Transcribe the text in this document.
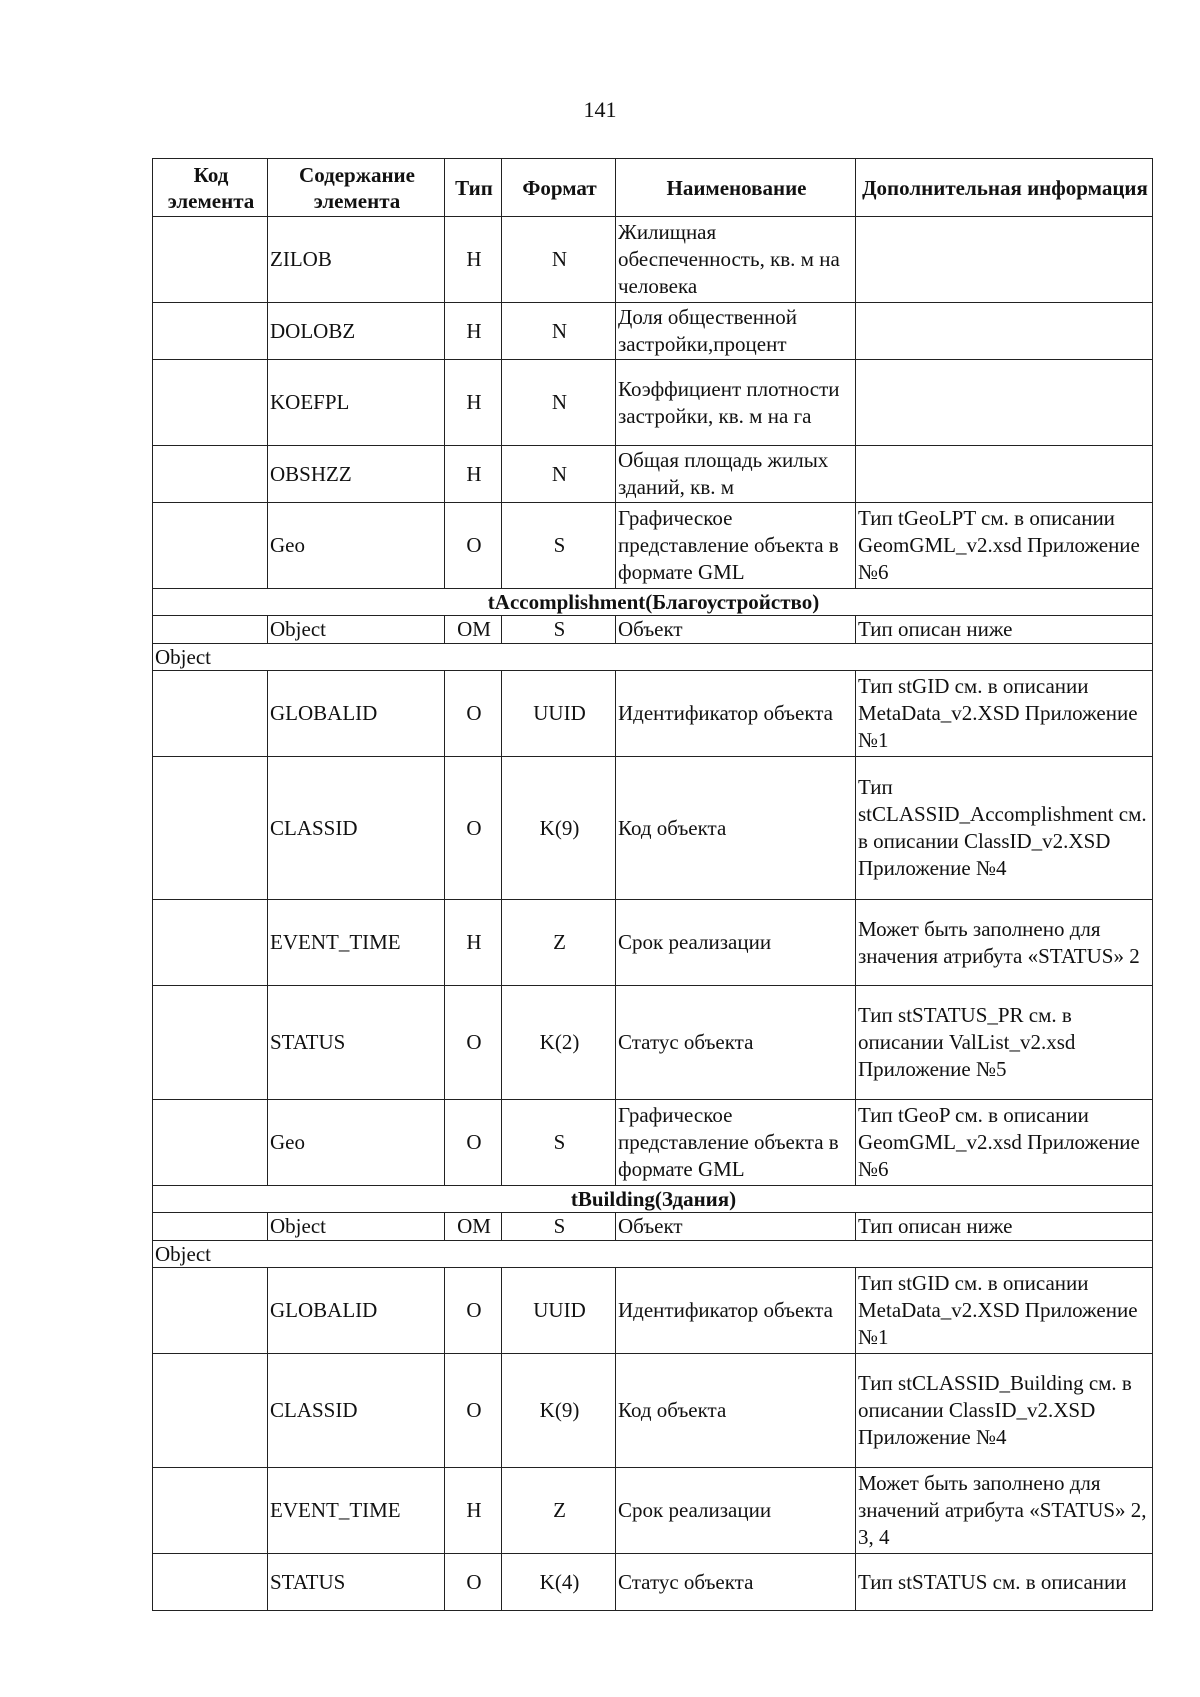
141
Код элемента	Содержание элемента	Тип	Формат	Наименование	Дополнительная информация
	ZILOB	Н	N	Жилищная обеспеченность, кв. м на человека	
	DOLOBZ	Н	N	Доля общественной застройки,процент	
	KOEFPL	Н	N	Коэффициент плотности застройки, кв. м на га	
	OBSHZZ	Н	N	Общая площадь жилых зданий, кв. м	
	Geo	О	S	Графическое представление объекта в формате GML	Тип tGeoLPT см. в описании GeomGML_v2.xsd Приложение №6
tAccomplishment(Благоустройство)					
	Object	ОМ	S	Объект	Тип описан ниже
Object					
	GLOBALID	О	UUID	Идентификатор объекта	Тип stGID см. в описании MetaData_v2.XSD Приложение №1
	CLASSID	О	K(9)	Код объекта	Тип stCLASSID_Accomplishment см. в описании ClassID_v2.XSD Приложение №4
	EVENT_TIME	Н	Z	Срок реализации	Может быть заполнено для значения атрибута «STATUS» 2
	STATUS	О	K(2)	Статус объекта	Тип stSTATUS_PR см. в описании ValList_v2.xsd Приложение №5
	Geo	О	S	Графическое представление объекта в формате GML	Тип tGeoP см. в описании GeomGML_v2.xsd Приложение №6
tBuilding(Здания)					
	Object	ОМ	S	Объект	Тип описан ниже
Object					
	GLOBALID	О	UUID	Идентификатор объекта	Тип stGID см. в описании MetaData_v2.XSD Приложение №1
	CLASSID	О	K(9)	Код объекта	Тип stCLASSID_Building см. в описании ClassID_v2.XSD Приложение №4
	EVENT_TIME	Н	Z	Срок реализации	Может быть заполнено для значений атрибута «STATUS» 2, 3, 4
	STATUS	О	K(4)	Статус объекта	Тип stSTATUS см. в описании
